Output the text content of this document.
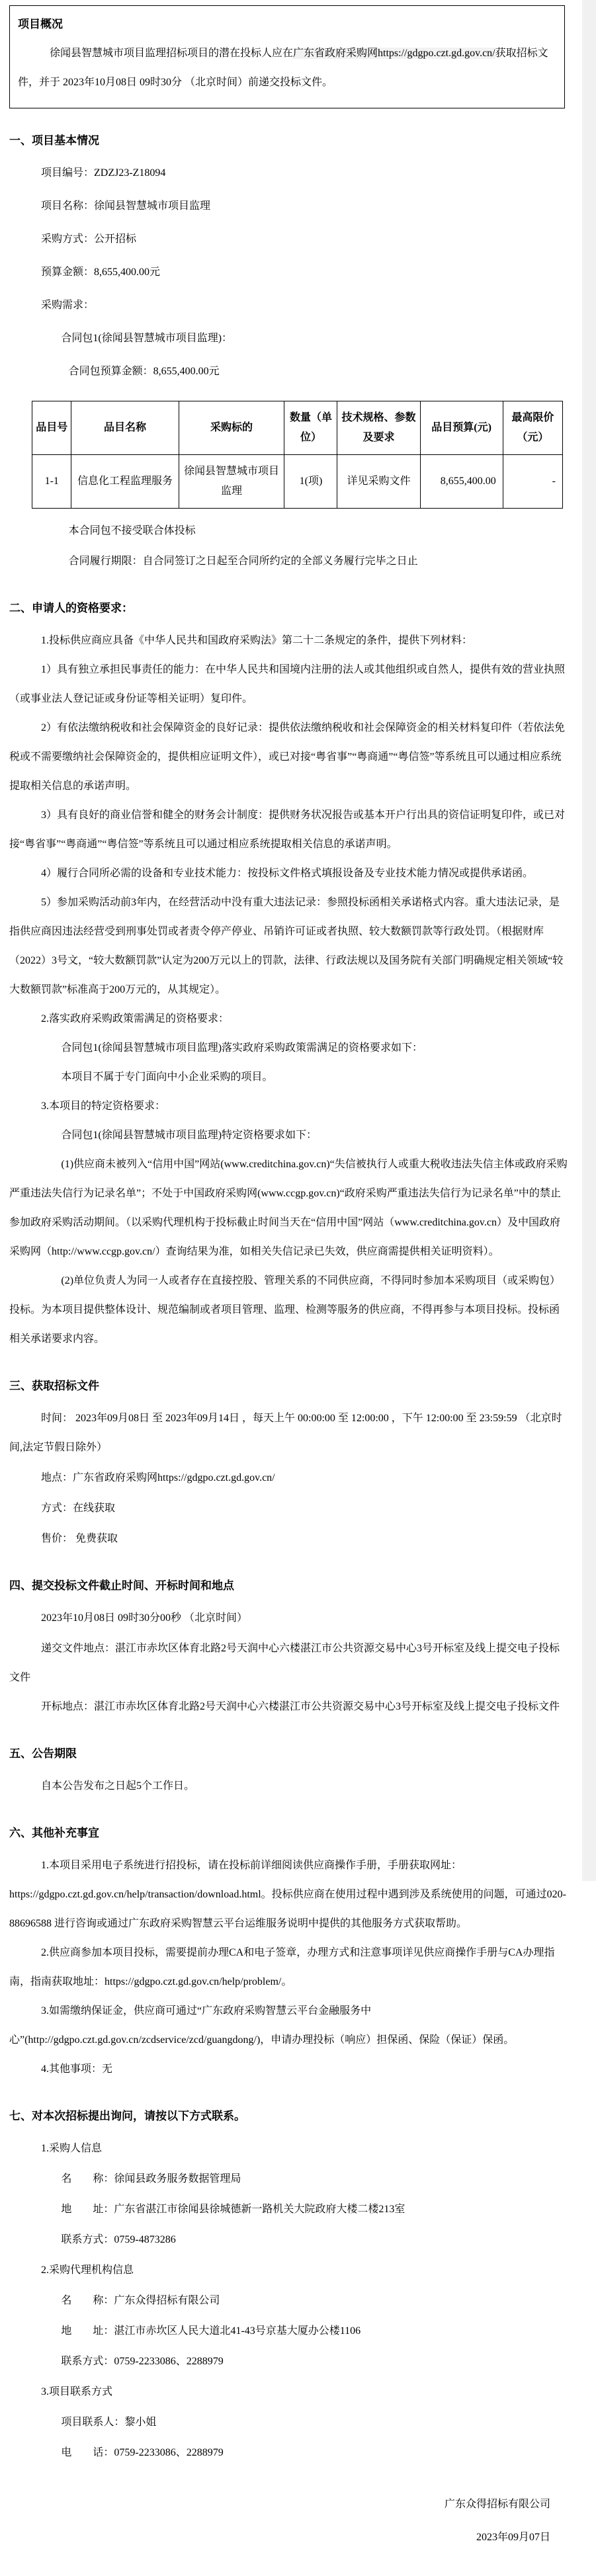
项目概况

徐闻县智慧城市项目监理招标项目的潜在投标人应在广东省政府采购网https://gdgpo.czt.gd.gov.cn/获取招标文件，并于 2023年10月08日 09时30分 （北京时间）前递交投标文件。

一、项目基本情况

项目编号：ZDZJ23-Z18094

项目名称：徐闻县智慧城市项目监理

采购方式：公开招标

预算金额：8,655,400.00元

采购需求：

合同包1(徐闻县智慧城市项目监理)：

合同包预算金额：8,655,400.00元

品目号	品目名称	采购标的	数量（单位）	技术规格、参数及要求	品目预算(元)	最高限价（元）
1-1	信息化工程监理服务	徐闻县智慧城市项目监理	1(项)	详见采购文件	8,655,400.00	-

本合同包不接受联合体投标

合同履行期限：自合同签订之日起至合同所约定的全部义务履行完毕之日止

二、申请人的资格要求：

1.投标供应商应具备《中华人民共和国政府采购法》第二十二条规定的条件，提供下列材料：

1）具有独立承担民事责任的能力：在中华人民共和国境内注册的法人或其他组织或自然人，提供有效的营业执照（或事业法人登记证或身份证等相关证明）复印件。

2）有依法缴纳税收和社会保障资金的良好记录：提供依法缴纳税收和社会保障资金的相关材料复印件（若依法免税或不需要缴纳社会保障资金的，提供相应证明文件），或已对接“粤省事”“粤商通”“粤信签”等系统且可以通过相应系统提取相关信息的承诺声明。

3）具有良好的商业信誉和健全的财务会计制度：提供财务状况报告或基本开户行出具的资信证明复印件，或已对接“粤省事”“粤商通”“粤信签”等系统且可以通过相应系统提取相关信息的承诺声明。

4）履行合同所必需的设备和专业技术能力：按投标文件格式填报设备及专业技术能力情况或提供承诺函。

5）参加采购活动前3年内，在经营活动中没有重大违法记录：参照投标函相关承诺格式内容。重大违法记录，是指供应商因违法经营受到刑事处罚或者责令停产停业、吊销许可证或者执照、较大数额罚款等行政处罚。（根据财库（2022）3号文，“较大数额罚款”认定为200万元以上的罚款，法律、行政法规以及国务院有关部门明确规定相关领域“较大数额罚款”标准高于200万元的，从其规定）。

2.落实政府采购政策需满足的资格要求：

合同包1(徐闻县智慧城市项目监理)落实政府采购政策需满足的资格要求如下：

本项目不属于专门面向中小企业采购的项目。

3.本项目的特定资格要求：

合同包1(徐闻县智慧城市项目监理)特定资格要求如下：

(1)供应商未被列入“信用中国”网站(www.creditchina.gov.cn)“失信被执行人或重大税收违法失信主体或政府采购严重违法失信行为记录名单”；不处于中国政府采购网(www.ccgp.gov.cn)“政府采购严重违法失信行为记录名单”中的禁止参加政府采购活动期间。（以采购代理机构于投标截止时间当天在“信用中国”网站（www.creditchina.gov.cn）及中国政府采购网（http://www.ccgp.gov.cn/）查询结果为准，如相关失信记录已失效，供应商需提供相关证明资料）。

(2)单位负责人为同一人或者存在直接控股、管理关系的不同供应商，不得同时参加本采购项目（或采购包）投标。为本项目提供整体设计、规范编制或者项目管理、监理、检测等服务的供应商，不得再参与本项目投标。投标函相关承诺要求内容。

三、获取招标文件

时间： 2023年09月08日 至 2023年09月14日 ，每天上午 00:00:00 至 12:00:00 ，下午 12:00:00 至 23:59:59 （北京时间,法定节假日除外）

地点：广东省政府采购网https://gdgpo.czt.gd.gov.cn/

方式：在线获取

售价： 免费获取

四、提交投标文件截止时间、开标时间和地点

2023年10月08日 09时30分00秒 （北京时间）

递交文件地点：湛江市赤坎区体育北路2号天润中心六楼湛江市公共资源交易中心3号开标室及线上提交电子投标文件

开标地点：湛江市赤坎区体育北路2号天润中心六楼湛江市公共资源交易中心3号开标室及线上提交电子投标文件

五、公告期限

自本公告发布之日起5个工作日。

六、其他补充事宜

1.本项目采用电子系统进行招投标，请在投标前详细阅读供应商操作手册，手册获取网址：https://gdgpo.czt.gd.gov.cn/help/transaction/download.html。投标供应商在使用过程中遇到涉及系统使用的问题，可通过020-88696588 进行咨询或通过广东政府采购智慧云平台运维服务说明中提供的其他服务方式获取帮助。

2.供应商参加本项目投标，需要提前办理CA和电子签章，办理方式和注意事项详见供应商操作手册与CA办理指南，指南获取地址：https://gdgpo.czt.gd.gov.cn/help/problem/。

3.如需缴纳保证金，供应商可通过“广东政府采购智慧云平台金融服务中心”(http://gdgpo.czt.gd.gov.cn/zcdservice/zcd/guangdong/)，申请办理投标（响应）担保函、保险（保证）保函。

4.其他事项：无

七、对本次招标提出询问，请按以下方式联系。

1.采购人信息

名　　称：徐闻县政务服务数据管理局

地　　址：广东省湛江市徐闻县徐城德新一路机关大院政府大楼二楼213室

联系方式：0759-4873286

2.采购代理机构信息

名　　称：广东众得招标有限公司

地　　址：湛江市赤坎区人民大道北41-43号京基大厦办公楼1106

联系方式：0759-2233086、2288979

3.项目联系方式

项目联系人：黎小姐

电　　话：0759-2233086、2288979

广东众得招标有限公司

2023年09月07日
